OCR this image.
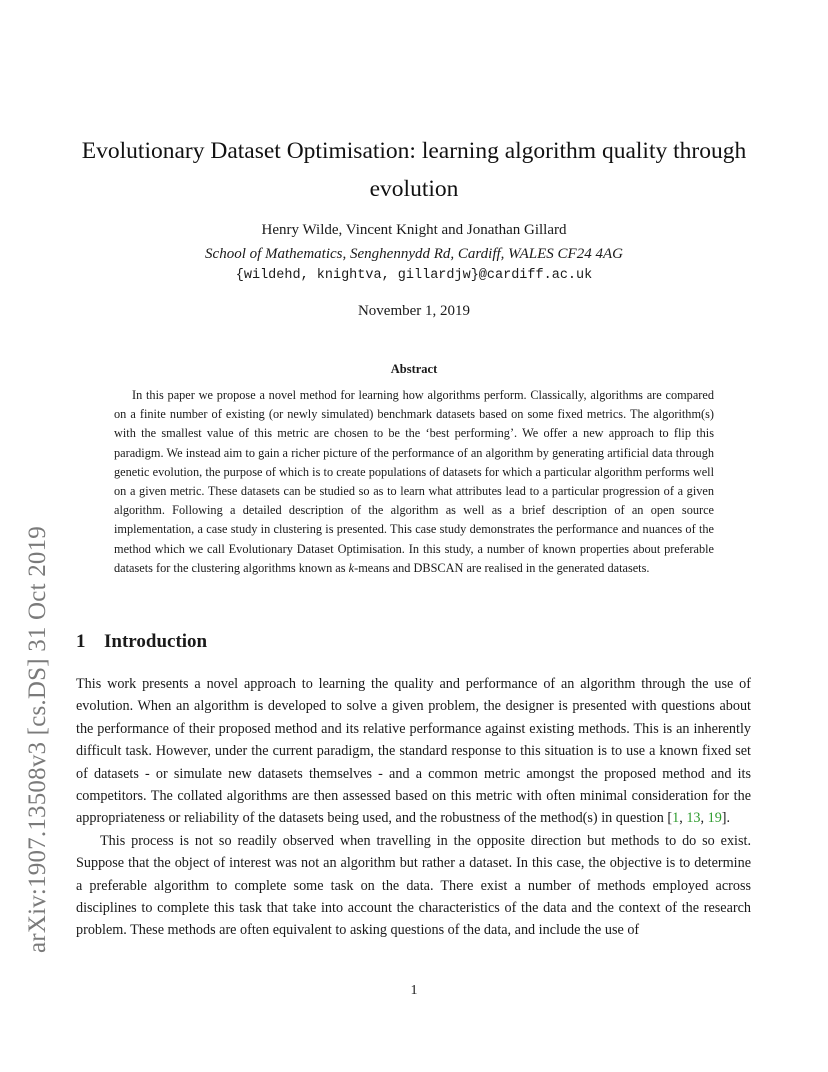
arXiv:1907.13508v3 [cs.DS] 31 Oct 2019
Evolutionary Dataset Optimisation: learning algorithm quality through evolution
Henry Wilde, Vincent Knight and Jonathan Gillard
School of Mathematics, Senghennydd Rd, Cardiff, WALES CF24 4AG
{wildehd, knightva, gillardjw}@cardiff.ac.uk
November 1, 2019
Abstract
In this paper we propose a novel method for learning how algorithms perform. Classically, algorithms are compared on a finite number of existing (or newly simulated) benchmark datasets based on some fixed metrics. The algorithm(s) with the smallest value of this metric are chosen to be the ‘best performing’. We offer a new approach to flip this paradigm. We instead aim to gain a richer picture of the performance of an algorithm by generating artificial data through genetic evolution, the purpose of which is to create populations of datasets for which a particular algorithm performs well on a given metric. These datasets can be studied so as to learn what attributes lead to a particular progression of a given algorithm. Following a detailed description of the algorithm as well as a brief description of an open source implementation, a case study in clustering is presented. This case study demonstrates the performance and nuances of the method which we call Evolutionary Dataset Optimisation. In this study, a number of known properties about preferable datasets for the clustering algorithms known as k-means and DBSCAN are realised in the generated datasets.
1 Introduction

This work presents a novel approach to learning the quality and performance of an algorithm through the use of evolution. When an algorithm is developed to solve a given problem, the designer is presented with questions about the performance of their proposed method and its relative performance against existing methods. This is an inherently difficult task. However, under the current paradigm, the standard response to this situation is to use a known fixed set of datasets - or simulate new datasets themselves - and a common metric amongst the proposed method and its competitors. The collated algorithms are then assessed based on this metric with often minimal consideration for the appropriateness or reliability of the datasets being used, and the robustness of the method(s) in question [1, 13, 19].

This process is not so readily observed when travelling in the opposite direction but methods to do so exist. Suppose that the object of interest was not an algorithm but rather a dataset. In this case, the objective is to determine a preferable algorithm to complete some task on the data. There exist a number of methods employed across disciplines to complete this task that take into account the characteristics of the data and the context of the research problem. These methods are often equivalent to asking questions of the data, and include the use of

1
